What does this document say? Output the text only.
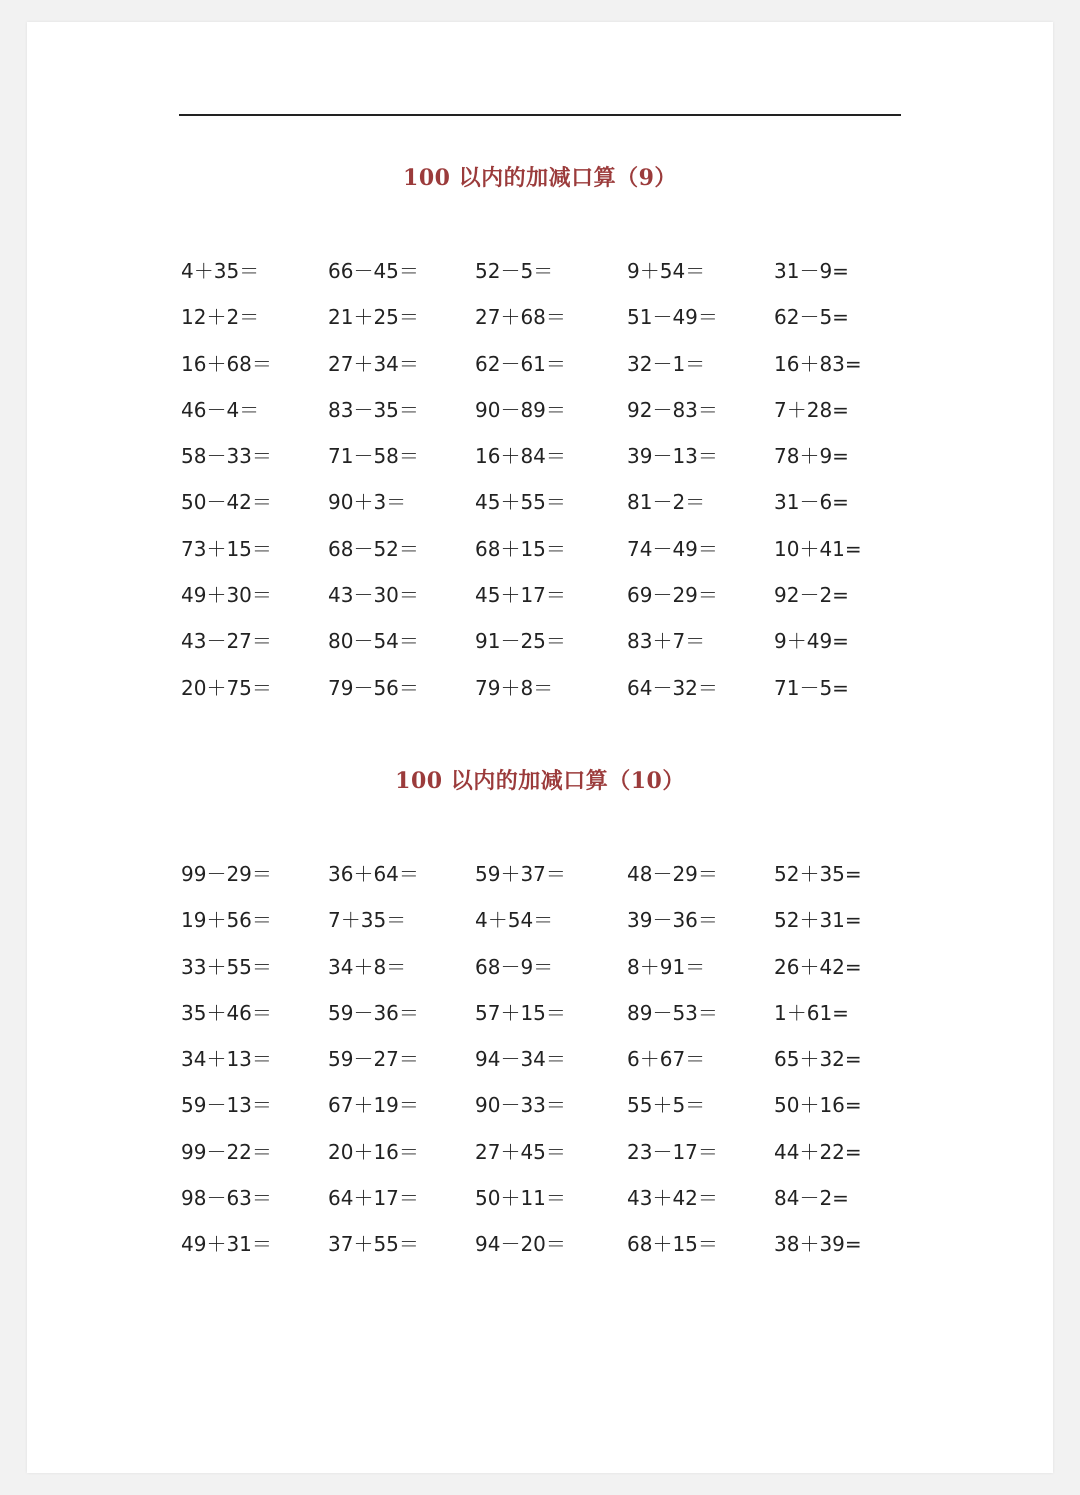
100 以内的加减口算（9）
4＋35＝	66－45＝	52－5＝	9＋54＝	31－9=
12＋2＝	21＋25＝	27＋68＝	51－49＝	62－5=
16＋68＝	27＋34＝	62－61＝	32－1＝	16＋83=
46－4＝	83－35＝	90－89＝	92－83＝	7＋28=
58－33＝	71－58＝	16＋84＝	39－13＝	78＋9=
50－42＝	90＋3＝	45＋55＝	81－2＝	31－6=
73＋15＝	68－52＝	68＋15＝	74－49＝	10＋41=
49＋30＝	43－30＝	45＋17＝	69－29＝	92－2=
43－27＝	80－54＝	91－25＝	83＋7＝	9＋49=
20＋75＝	79－56＝	79＋8＝	64－32＝	71－5=
100 以内的加减口算（10）
99－29＝	36＋64＝	59＋37＝	48－29＝	52＋35=
19＋56＝	7＋35＝	4＋54＝	39－36＝	52＋31=
33＋55＝	34＋8＝	68－9＝	8＋91＝	26＋42=
35＋46＝	59－36＝	57＋15＝	89－53＝	1＋61=
34＋13＝	59－27＝	94－34＝	6＋67＝	65＋32=
59－13＝	67＋19＝	90－33＝	55＋5＝	50＋16=
99－22＝	20＋16＝	27＋45＝	23－17＝	44＋22=
98－63＝	64＋17＝	50＋11＝	43＋42＝	84－2=
49＋31＝	37＋55＝	94－20＝	68＋15＝	38＋39=
